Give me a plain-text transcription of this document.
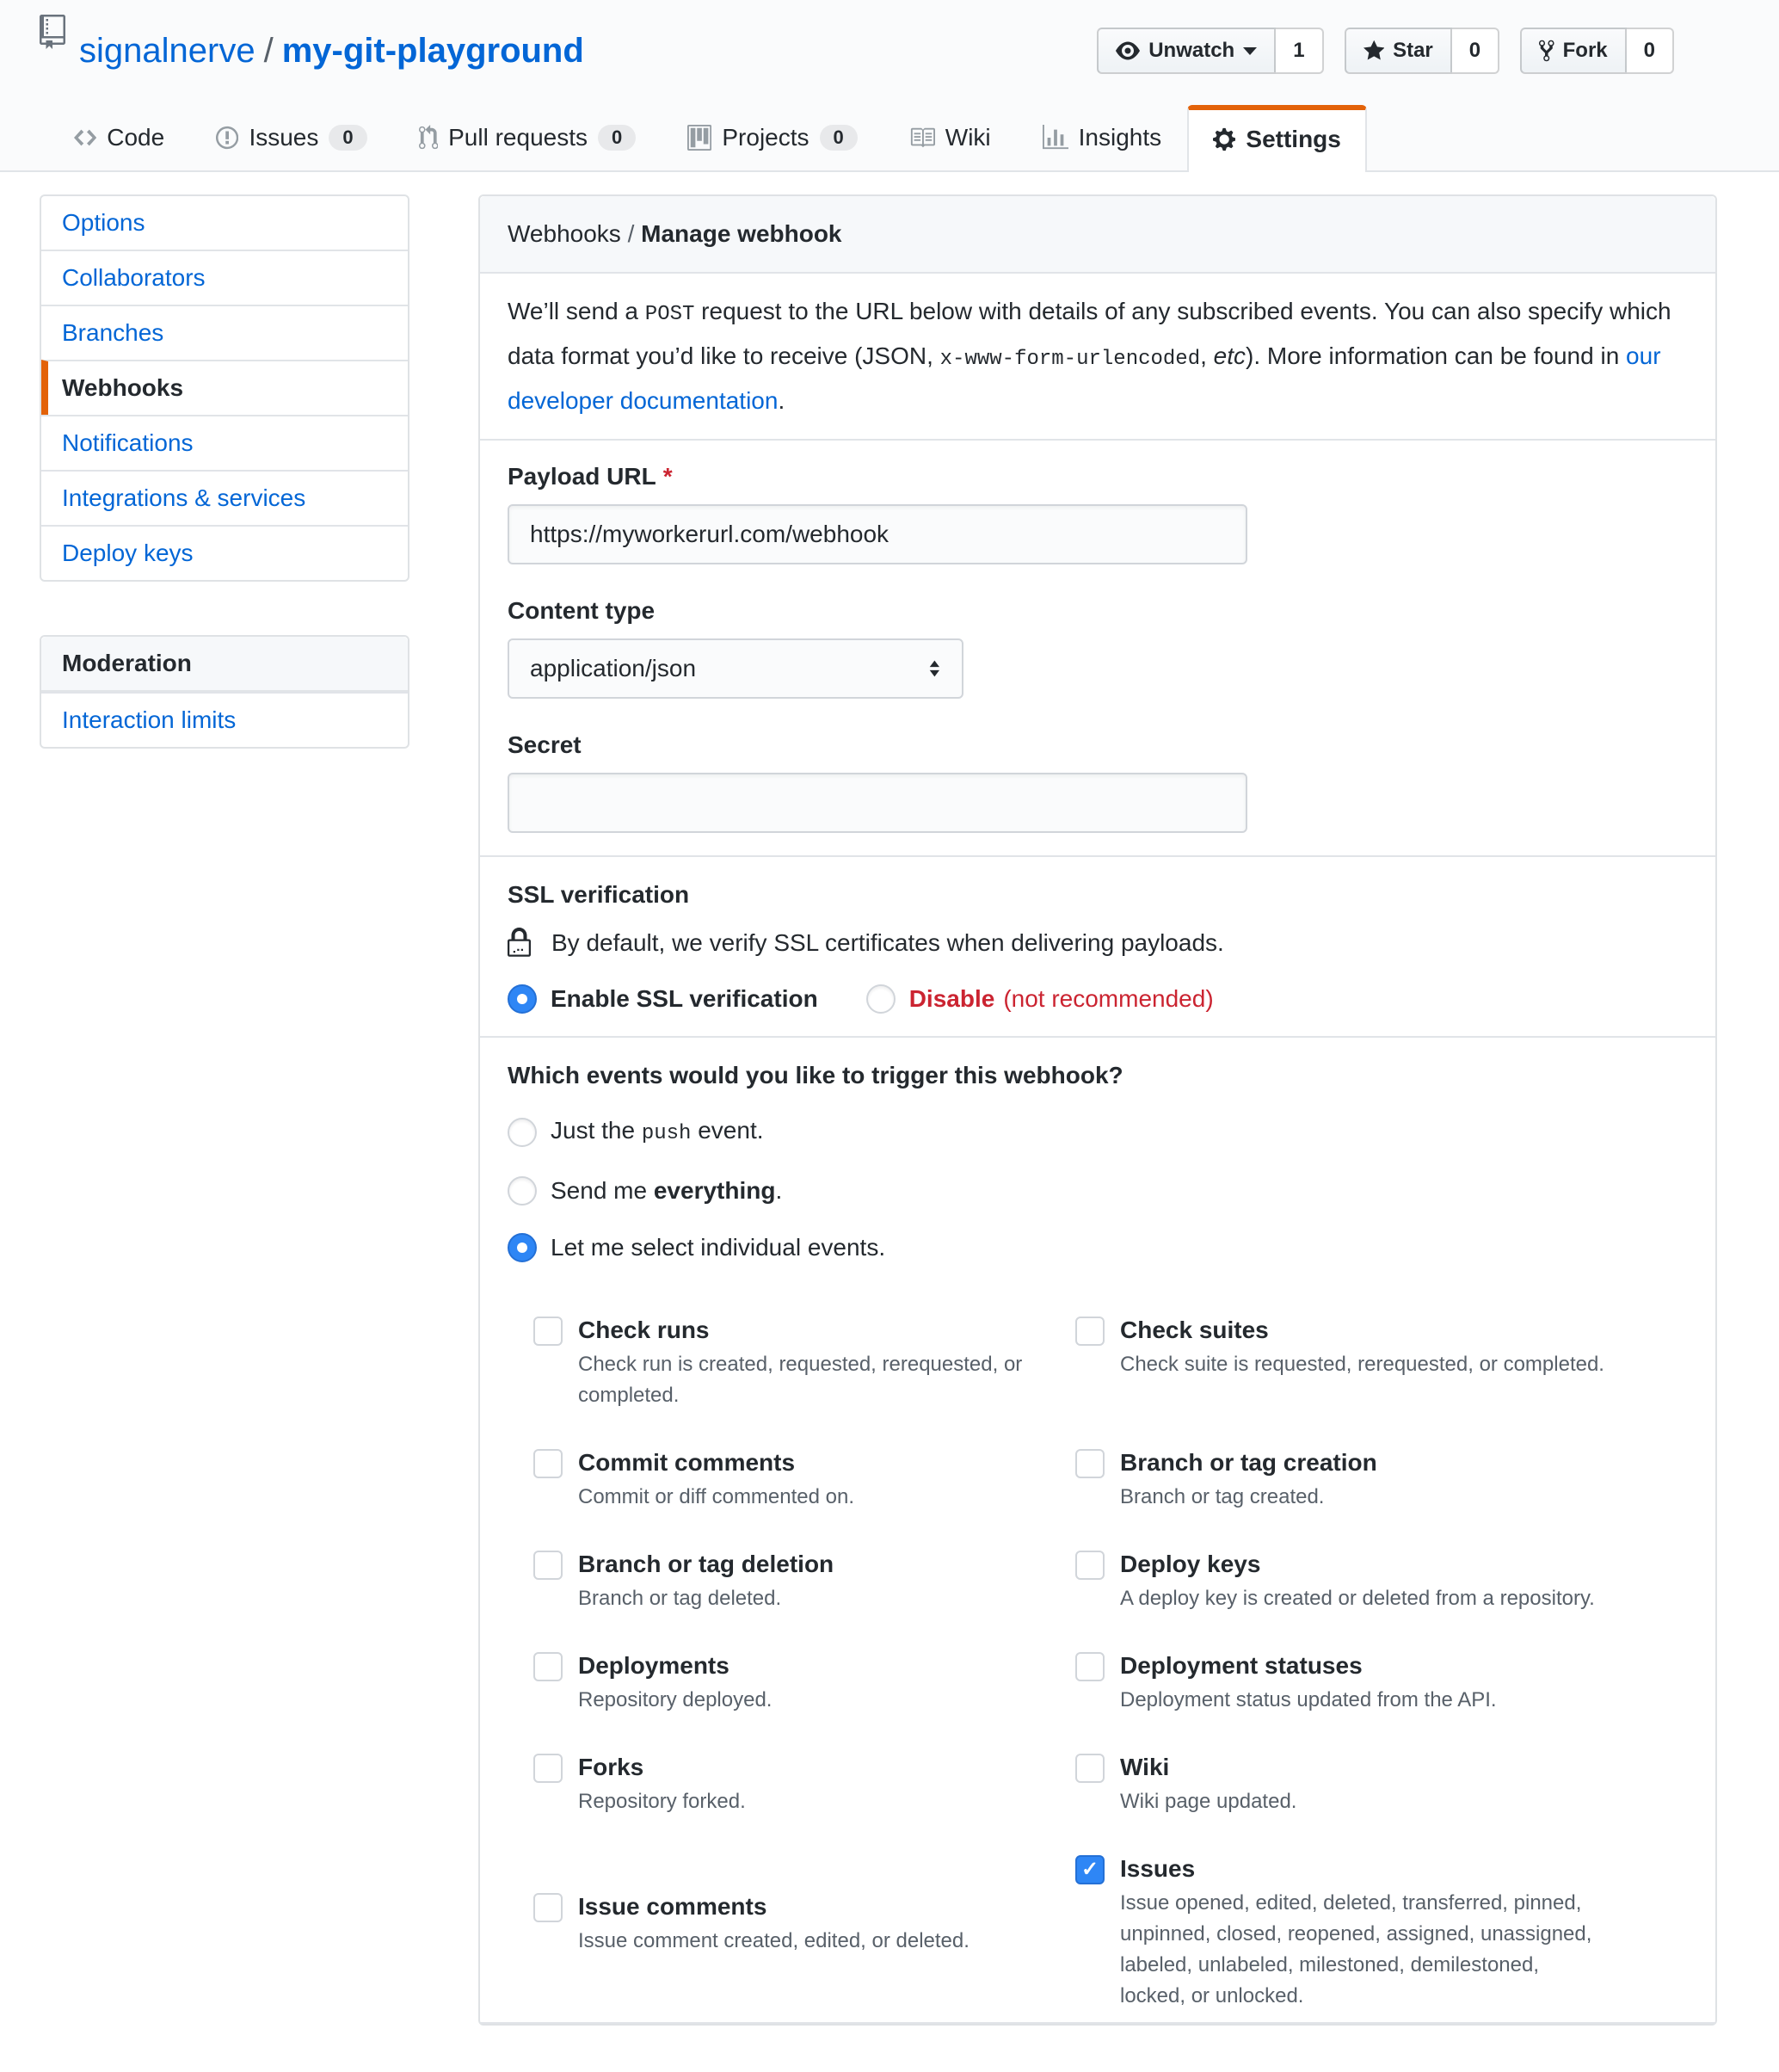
signalnerve / my-git-playground	Unwatch	1	Star	0	Fork	0
Code	Issues	0	Pull requests	0	Projects	0	Wiki	Insights	Settings
Options
Collaborators
Branches
Webhooks
Notifications
Integrations & services
Deploy keys
Moderation
Interaction limits
Webhooks / Manage webhook

We’ll send a POST request to the URL below with details of any subscribed events. You can also specify which data format you’d like to receive (JSON, x-www-form-urlencoded, etc). More information can be found in our developer documentation.

Payload URL *
https://myworkerurl.com/webhook
Content type
application/json
Secret
SSL verification
By default, we verify SSL certificates when delivering payloads.
Enable SSL verification	Disable (not recommended)
Which events would you like to trigger this webhook?
Just the push event.
Send me everything.
Let me select individual events.
Check runs
Check run is created, requested, rerequested, or completed.
Check suites
Check suite is requested, rerequested, or completed.
Commit comments
Commit or diff commented on.
Branch or tag creation
Branch or tag created.
Branch or tag deletion
Branch or tag deleted.
Deploy keys
A deploy key is created or deleted from a repository.
Deployments
Repository deployed.
Deployment statuses
Deployment status updated from the API.
Forks
Repository forked.
Wiki
Wiki page updated.
Issue comments
Issue comment created, edited, or deleted.
✓
Issues
Issue opened, edited, deleted, transferred, pinned, unpinned, closed, reopened, assigned, unassigned, labeled, unlabeled, milestoned, demilestoned, locked, or unlocked.
